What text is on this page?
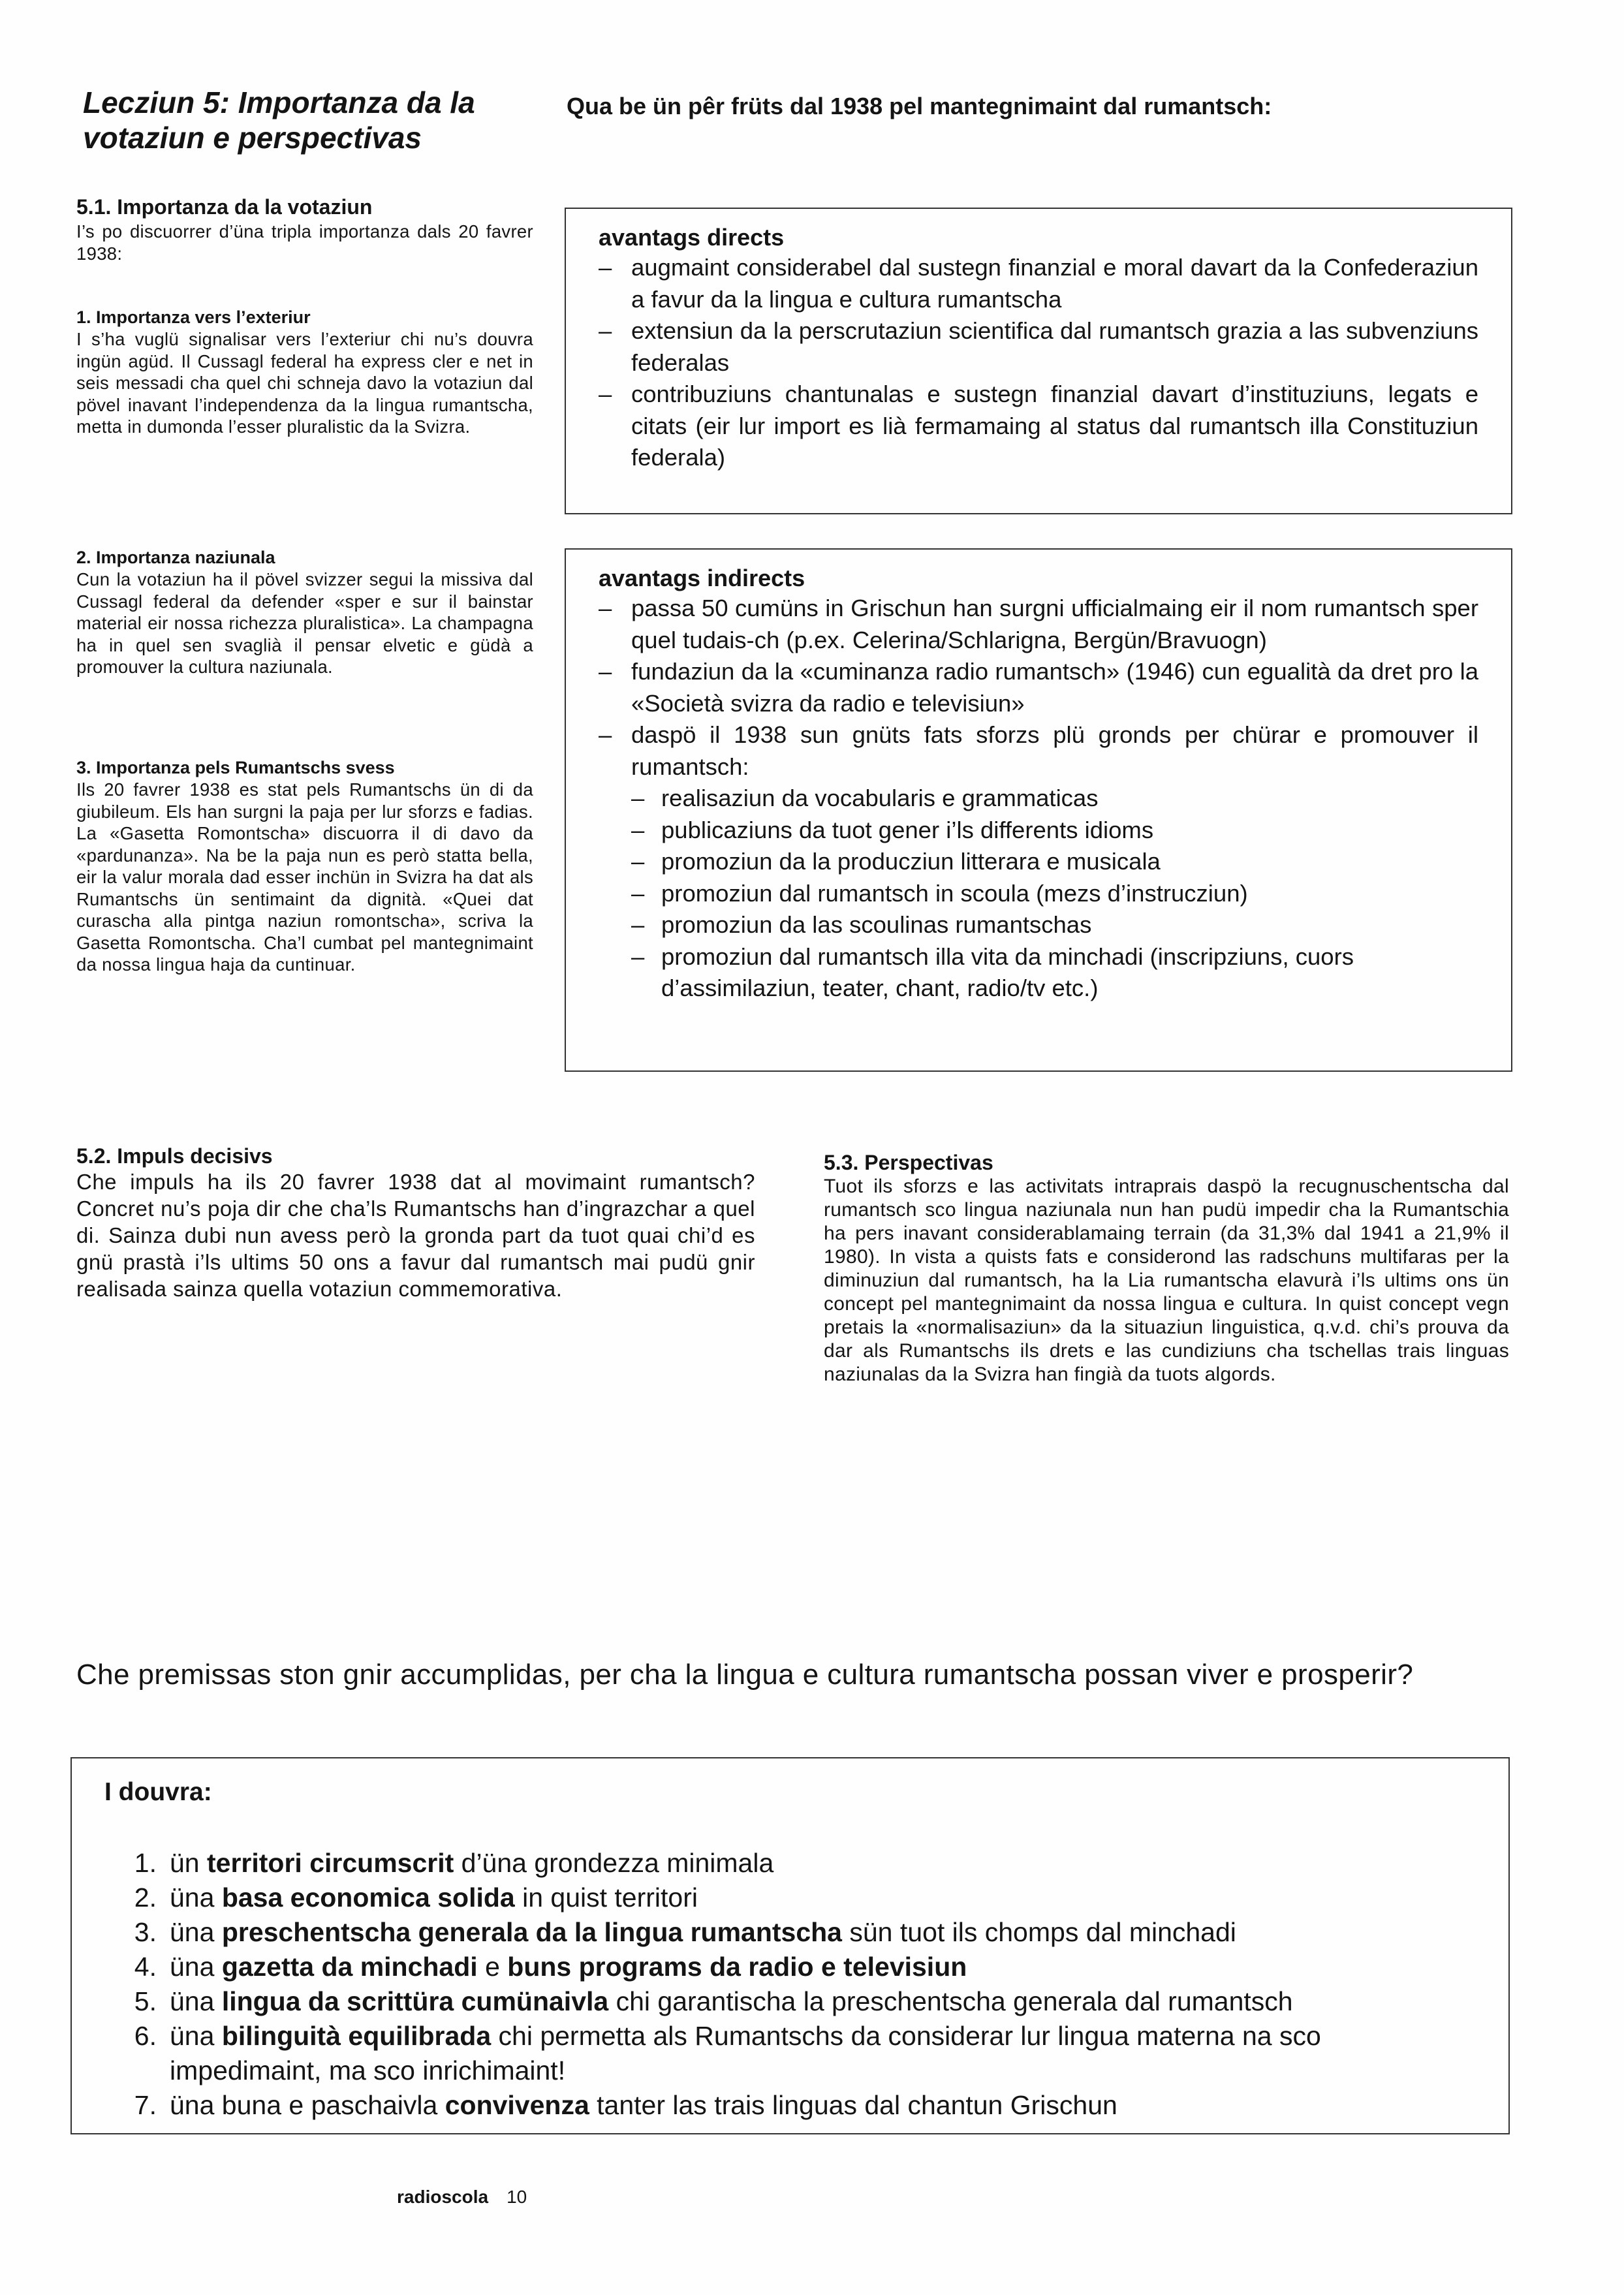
Lecziun 5: Importanza da la votaziun e perspectivas
Qua be ün pêr früts dal 1938 pel mantegnimaint dal rumantsch:

5.1. Importanza da la votaziun

I’s po discuorrer d’üna tripla importanza dals 20 favrer 1938:

1. Importanza vers l’exteriur

I s’ha vuglü signalisar vers l’exteriur chi nu’s douvra ingün agüd. Il Cussagl federal ha express cler e net in seis messadi cha quel chi schneja davo la votaziun dal pövel inavant l’independenza da la lingua rumantscha, metta in dumonda l’esser pluralistic da la Svizra.

2. Importanza naziunala

Cun la votaziun ha il pövel svizzer segui la missiva dal Cussagl federal da defender «sper e sur il bainstar material eir nossa richezza pluralistica». La champagna ha in quel sen svaglià il pensar elvetic e güdà a promouver la cultura naziunala.

3. Importanza pels Rumantschs svess

Ils 20 favrer 1938 es stat pels Rumantschs ün di da giubileum. Els han surgni la paja per lur sforzs e fadias. La «Gasetta Romontscha» discuorra il di davo da «pardunanza». Na be la paja nun es però statta bella, eir la valur morala dad esser inchün in Svizra ha dat als Rumantschs ün sentimaint da dignità. «Quei dat curascha alla pintga naziun romontscha», scriva la Gasetta Romontscha. Cha’l cumbat pel mantegnimaint da nossa lingua haja da cuntinuar.

avantags directs

– augmaint considerabel dal sustegn finanzial e moral davart da la Confederaziun a favur da la lingua e cultura rumantscha
– extensiun da la perscrutaziun scientifica dal rumantsch grazia a las subvenziuns federalas
– contribuziuns chantunalas e sustegn finanzial davart d’instituziuns, legats e citats (eir lur import es lià fermamaing al status dal rumantsch illa Constituziun federala)

avantags indirects

– passa 50 cumüns in Grischun han surgni ufficialmaing eir il nom rumantsch sper quel tudais-ch (p.ex. Celerina/Schlarigna, Bergün/Bravuogn)
– fundaziun da la «cuminanza radio rumantsch» (1946) cun egualità da dret pro la «Società svizra da radio e televisiun»
– daspö il 1938 sun gnüts fats sforzs plü gronds per chürar e promouver il rumantsch:
– realisaziun da vocabularis e grammaticas
– publicaziuns da tuot gener i’ls differents idioms
– promoziun da la producziun litterara e musicala
– promoziun dal rumantsch in scoula (mezs d’instrucziun)
– promoziun da las scoulinas rumantschas
– promoziun dal rumantsch illa vita da minchadi (inscripziuns, cuors d’assimilaziun, teater, chant, radio/tv etc.)

5.2. Impuls decisivs

Che impuls ha ils 20 favrer 1938 dat al movimaint rumantsch? Concret nu’s poja dir che cha’ls Rumantschs han d’ingrazchar a quel di. Sainza dubi nun avess però la gronda part da tuot quai chi’d es gnü prastà i’ls ultims 50 ons a favur dal rumantsch mai pudü gnir realisada sainza quella votaziun commemorativa.

5.3. Perspectivas

Tuot ils sforzs e las activitats intraprais daspö la recugnuschentscha dal rumantsch sco lingua naziunala nun han pudü impedir cha la Rumantschia ha pers inavant considerablamaing terrain (da 31,3% dal 1941 a 21,9% il 1980). In vista a quists fats e considerond las radschuns multifaras per la diminuziun dal rumantsch, ha la Lia rumantscha elavurà i’ls ultims ons ün concept pel mantegnimaint da nossa lingua e cultura. In quist concept vegn pretais la «normalisaziun» da la situaziun linguistica, q.v.d. chi’s prouva da dar als Rumantschs ils drets e las cundiziuns cha tschellas trais linguas naziunalas da la Svizra han fingià da tuots algords.

Che premissas ston gnir accumplidas, per cha la lingua e cultura rumantscha possan viver e prosperir?

I douvra:

1. ün territori circumscrit d’üna grondezza minimala
2. üna basa economica solida in quist territori
3. üna preschentscha generala da la lingua rumantscha sün tuot ils chomps dal minchadi
4. üna gazetta da minchadi e buns programs da radio e televisiun
5. üna lingua da scrittüra cumünaivla chi garantischa la preschentscha generala dal rumantsch
6. üna bilinguità equilibrada chi permetta als Rumantschs da considerar lur lingua materna na sco impedimaint, ma sco inrichimaint!
7. üna buna e paschaivla convivenza tanter las trais linguas dal chantun Grischun
radioscola 10
